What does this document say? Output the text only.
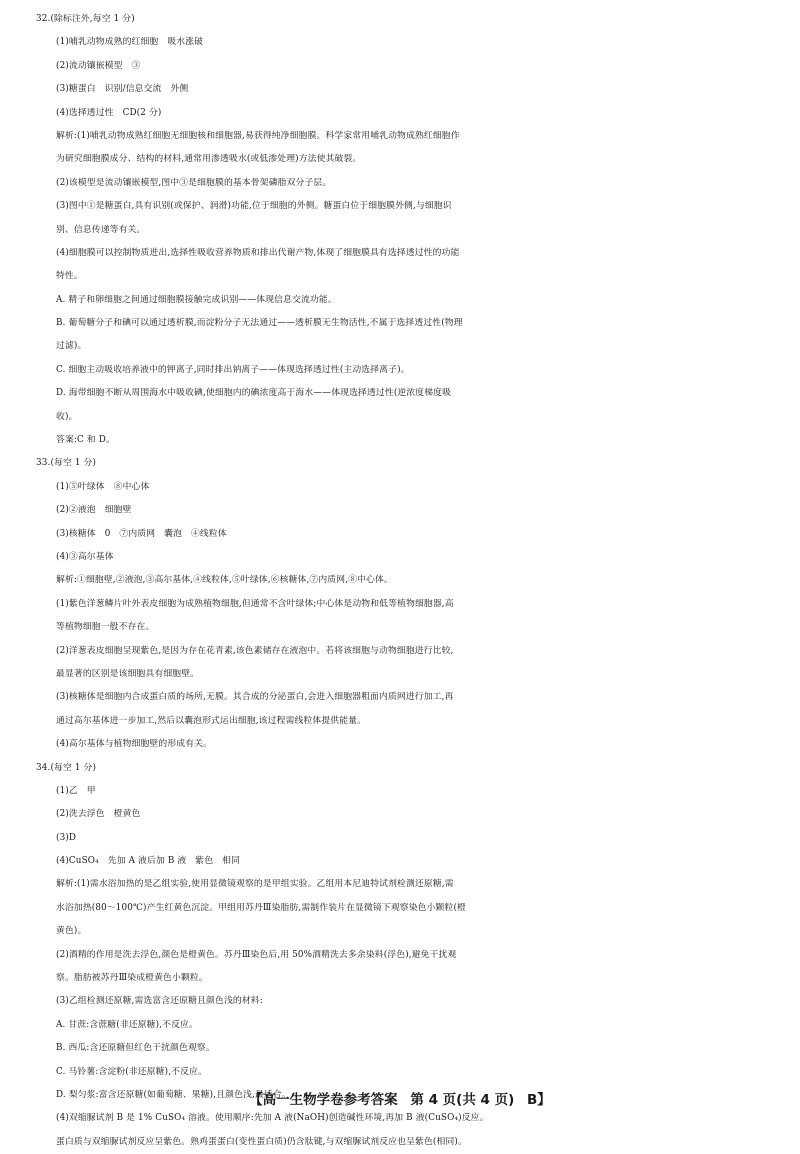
32.(除标注外,每空 1 分)
(1)哺乳动物成熟的红细胞　吸水涨破
(2)流动镶嵌模型　③
(3)糖蛋白　识别/信息交流　外侧
(4)选择透过性　CD(2 分)
解析:(1)哺乳动物成熟红细胞无细胞核和细胞器,易获得纯净细胞膜。科学家常用哺乳动物成熟红细胞作
为研究细胞膜成分、结构的材料,通常用渗透吸水(或低渗处理)方法使其破裂。
(2)该模型是流动镶嵌模型,图中③是细胞膜的基本骨架磷脂双分子层。
(3)图中①是糖蛋白,具有识别(或保护、润滑)功能,位于细胞的外侧。糖蛋白位于细胞膜外侧,与细胞识
别、信息传递等有关。
(4)细胞膜可以控制物质进出,选择性吸收营养物质和排出代谢产物,体现了细胞膜具有选择透过性的功能
特性。
A. 精子和卵细胞之间通过细胞膜接触完成识别——体现信息交流功能。
B. 葡萄糖分子和碘可以通过透析膜,而淀粉分子无法通过——透析膜无生物活性,不属于选择透过性(物理
过滤)。
C. 细胞主动吸收培养液中的钾离子,同时排出钠离子——体现选择透过性(主动选择离子)。
D. 海带细胞不断从周围海水中吸收碘,使细胞内的碘浓度高于海水——体现选择透过性(逆浓度梯度吸
收)。
答案:C 和 D。
33.(每空 1 分)
(1)⑤叶绿体　⑧中心体
(2)②液泡　细胞壁
(3)核糖体　0　⑦内质网　囊泡　④线粒体
(4)③高尔基体
解析:①细胞壁,②液泡,③高尔基体,④线粒体,⑤叶绿体,⑥核糖体,⑦内质网,⑧中心体。
(1)紫色洋葱鳞片叶外表皮细胞为成熟植物细胞,但通常不含叶绿体;中心体是动物和低等植物细胞器,高
等植物细胞一般不存在。
(2)洋葱表皮细胞呈现紫色,是因为存在花青素,该色素储存在液泡中。若将该细胞与动物细胞进行比较,
最显著的区别是该细胞具有细胞壁。
(3)核糖体是细胞内合成蛋白质的场所,无膜。其合成的分泌蛋白,会进入细胞器粗面内质网进行加工,再
通过高尔基体进一步加工,然后以囊泡形式运出细胞,该过程需线粒体提供能量。
(4)高尔基体与植物细胞壁的形成有关。
34.(每空 1 分)
(1)乙　甲
(2)洗去浮色　橙黄色
(3)D
(4)CuSO₄　先加 A 液后加 B 液　紫色　相同
解析:(1)需水浴加热的是乙组实验,使用显微镜观察的是甲组实验。乙组用本尼迪特试剂检测还原糖,需
水浴加热(80～100℃)产生红黄色沉淀。甲组用苏丹Ⅲ染脂肪,需制作装片在显微镜下观察染色小颗粒(橙
黄色)。
(2)酒精的作用是洗去浮色,颜色是橙黄色。苏丹Ⅲ染色后,用 50%酒精洗去多余染料(浮色),避免干扰观
察。脂肪被苏丹Ⅲ染成橙黄色小颗粒。
(3)乙组检测还原糖,需选富含还原糖且颜色浅的材料:
A. 甘蔗:含蔗糖(非还原糖),不反应。
B. 西瓜:含还原糖但红色干扰颜色观察。
C. 马铃薯:含淀粉(非还原糖),不反应。
D. 梨匀浆:富含还原糖(如葡萄糖、果糖),且颜色浅,最适合。
(4)双缩脲试剂 B 是 1% CuSO₄ 溶液。使用顺序:先加 A 液(NaOH)创造碱性环境,再加 B 液(CuSO₄)反应。
蛋白质与双缩脲试剂反应呈紫色。熟鸡蛋蛋白(变性蛋白质)仍含肽键,与双缩脲试剂反应也呈紫色(相同)。
【高一生物学卷参考答案 第 4 页(共 4 页) B】
